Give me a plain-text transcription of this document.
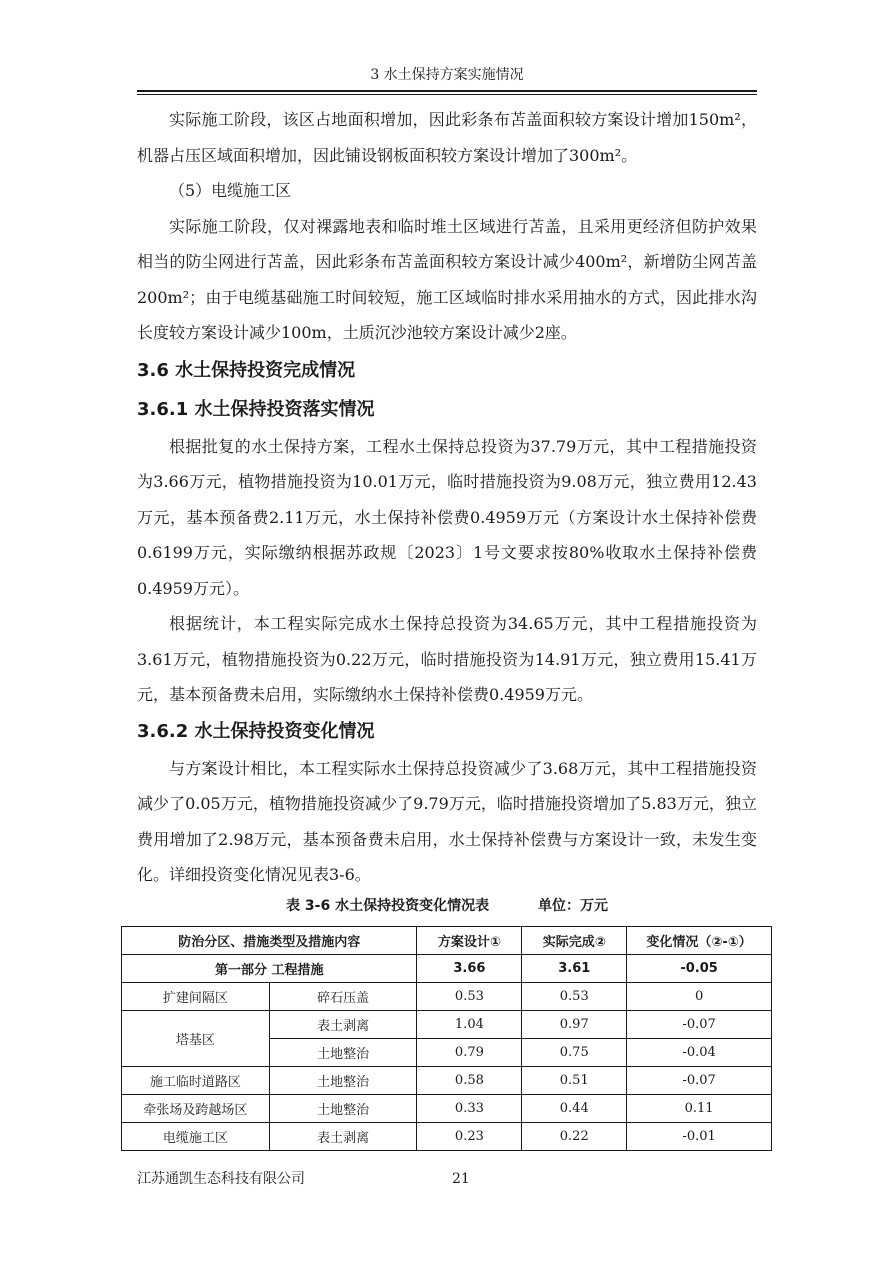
3 水土保持方案实施情况

实际施工阶段，该区占地面积增加，因此彩条布苫盖面积较方案设计增加150m²，机器占压区域面积增加，因此铺设钢板面积较方案设计增加了300m²。

（5）电缆施工区

实际施工阶段，仅对裸露地表和临时堆土区域进行苫盖，且采用更经济但防护效果相当的防尘网进行苫盖，因此彩条布苫盖面积较方案设计减少400m²，新增防尘网苫盖200m²；由于电缆基础施工时间较短，施工区域临时排水采用抽水的方式，因此排水沟长度较方案设计减少100m，土质沉沙池较方案设计减少2座。

3.6 水土保持投资完成情况
3.6.1 水土保持投资落实情况

根据批复的水土保持方案，工程水土保持总投资为37.79万元，其中工程措施投资为3.66万元，植物措施投资为10.01万元，临时措施投资为9.08万元，独立费用12.43万元，基本预备费2.11万元，水土保持补偿费0.4959万元（方案设计水土保持补偿费0.6199万元，实际缴纳根据苏政规〔2023〕1号文要求按80%收取水土保持补偿费0.4959万元）。

根据统计，本工程实际完成水土保持总投资为34.65万元，其中工程措施投资为3.61万元，植物措施投资为0.22万元，临时措施投资为14.91万元，独立费用15.41万元，基本预备费未启用，实际缴纳水土保持补偿费0.4959万元。

3.6.2 水土保持投资变化情况

与方案设计相比，本工程实际水土保持总投资减少了3.68万元，其中工程措施投资减少了0.05万元，植物措施投资减少了9.79万元，临时措施投资增加了5.83万元，独立费用增加了2.98万元，基本预备费未启用，水土保持补偿费与方案设计一致，未发生变化。详细投资变化情况见表3-6。

表 3-6 水土保持投资变化情况表	单位：万元
防治分区、措施类型及措施内容		方案设计①	实际完成②	变化情况（②-①）
第一部分 工程措施		3.66	3.61	-0.05
扩建间隔区	碎石压盖	0.53	0.53	0
塔基区	表土剥离	1.04	0.97	-0.07
	土地整治	0.79	0.75	-0.04
施工临时道路区	土地整治	0.58	0.51	-0.07
牵张场及跨越场区	土地整治	0.33	0.44	0.11
电缆施工区	表土剥离	0.23	0.22	-0.01
江苏通凯生态科技有限公司	21
